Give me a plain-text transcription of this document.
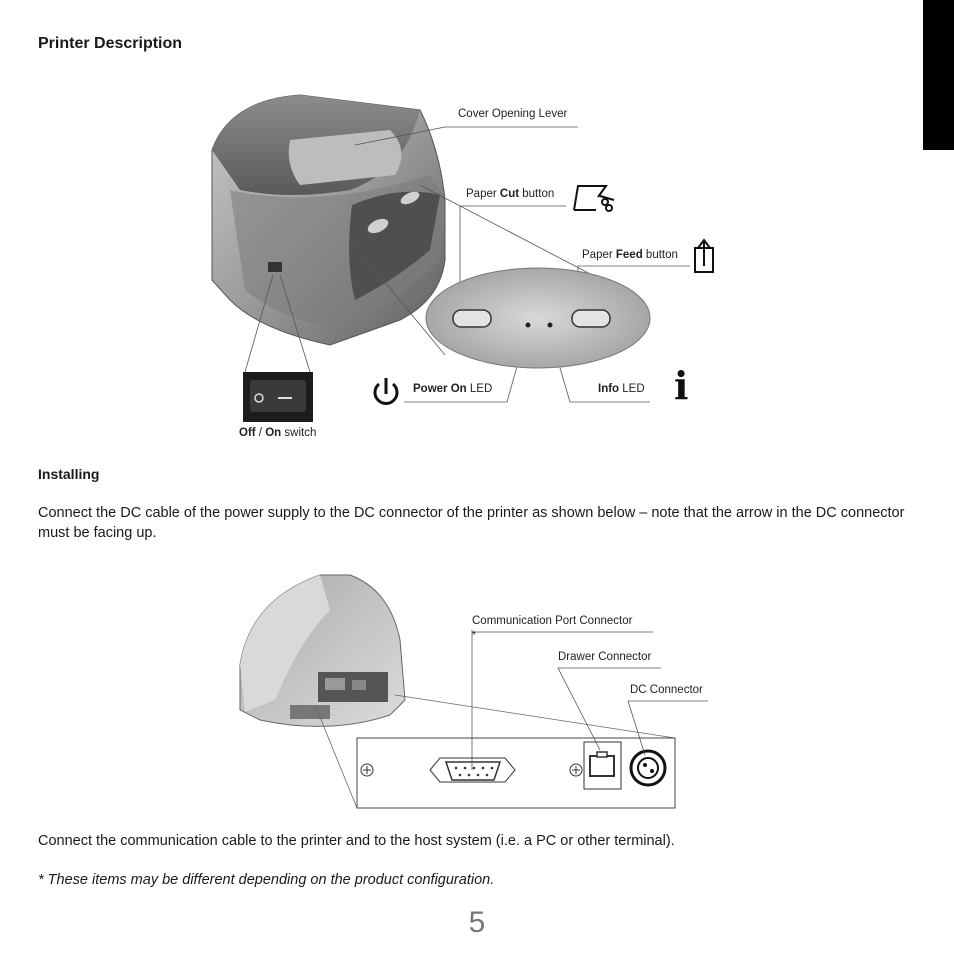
Printer Description
Cover Opening Lever
Paper Cut button
Paper Feed button
Power On LED	Info LED i
Off / On switch
Installing
Connect the DC cable of the power supply to the DC connector of the printer as shown below – note that the arrow in the DC connector must be facing up.
Communication Port Connector
*
Drawer Connector
DC Connector
Connect the communication cable to the printer and to the host system (i.e. a PC or other terminal).
* These items may be different depending on the product configuration.
5
